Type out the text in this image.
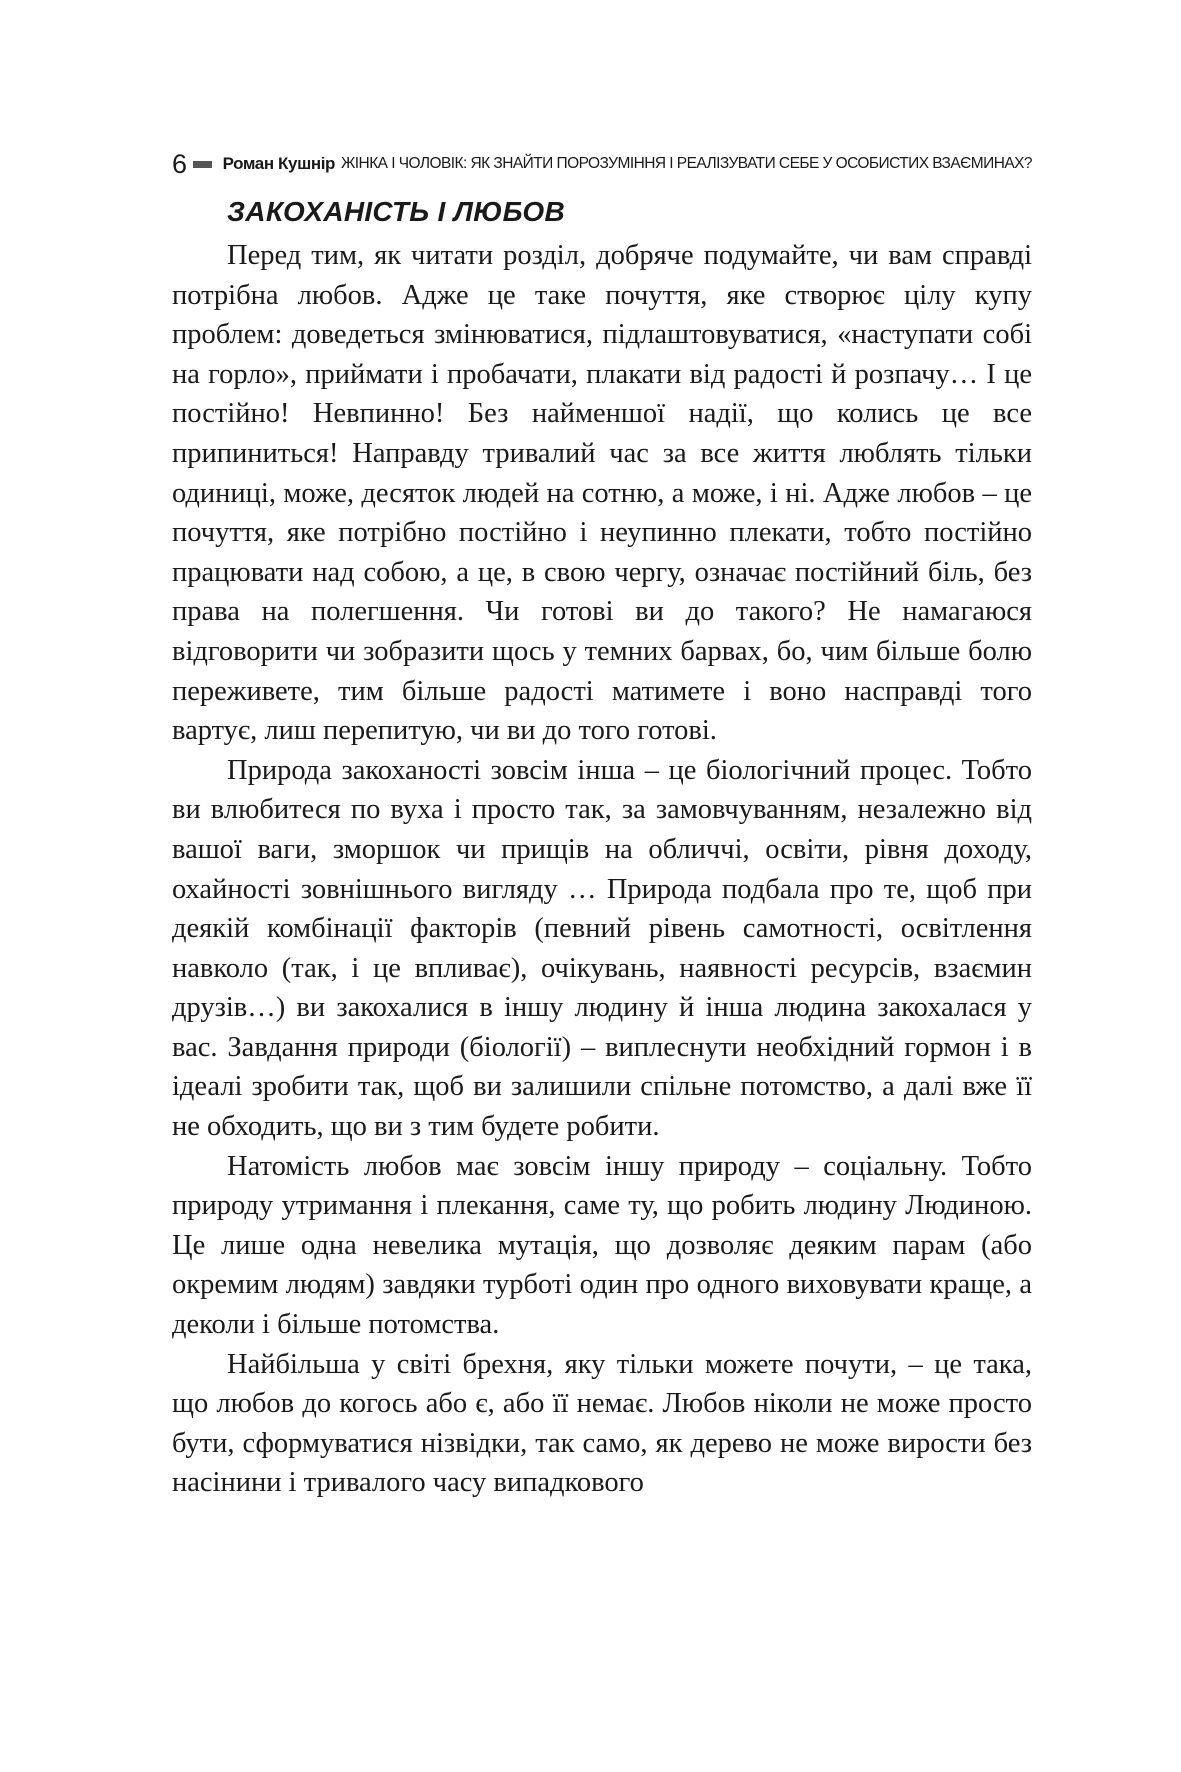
6 Роман Кушнір ЖІНКА І ЧОЛОВІК: ЯК ЗНАЙТИ ПОРОЗУМІННЯ І РЕАЛІЗУВАТИ СЕБЕ У ОСОБИСТИХ ВЗАЄМИНАХ?
ЗАКОХАНІСТЬ І ЛЮБОВ

Перед тим, як читати розділ, добряче подумайте, чи вам справді потрібна любов. Адже це таке почуття, яке створює цілу купу проблем: доведеться змінюватися, підлаштовуватися, «наступати собі на горло», приймати і пробачати, плакати від радості й розпачу… І це постійно! Невпинно! Без найменшої надії, що колись це все припиниться! Направду тривалий час за все життя люблять тільки одиниці, може, десяток людей на сотню, а може, і ні. Адже любов – це почуття, яке потрібно постійно і неупинно плекати, тобто постійно працювати над собою, а це, в свою чергу, означає постійний біль, без права на полегшення. Чи готові ви до такого? Не намагаюся відговорити чи зобразити щось у темних барвах, бо, чим більше болю переживете, тим більше радості матимете і воно насправді того вартує, лиш перепитую, чи ви до того готові.

Природа закоханості зовсім інша – це біологічний процес. Тобто ви влюбитеся по вуха і просто так, за замовчуванням, незалежно від вашої ваги, зморшок чи прищів на обличчі, освіти, рівня доходу, охайності зовнішнього вигляду … Природа подбала про те, щоб при деякій комбінації факторів (певний рівень самотності, освітлення навколо (так, і це впливає), очікувань, наявності ресурсів, взаємин друзів…) ви закохалися в іншу людину й інша людина закохалася у вас. Завдання природи (біології) – виплеснути необхідний гормон і в ідеалі зробити так, щоб ви залишили спільне потомство, а далі вже її не обходить, що ви з тим будете робити.

Натомість любов має зовсім іншу природу – соціальну. Тобто природу утримання і плекання, саме ту, що робить людину Людиною. Це лише одна невелика мутація, що дозволяє деяким парам (або окремим людям) завдяки турботі один про одного виховувати краще, а деколи і більше потомства.

Найбільша у світі брехня, яку тільки можете почути, – це така, що любов до когось або є, або її немає. Любов ніколи не може просто бути, сформуватися нізвідки, так само, як дерево не може вирости без насінини і тривалого часу випадкового
